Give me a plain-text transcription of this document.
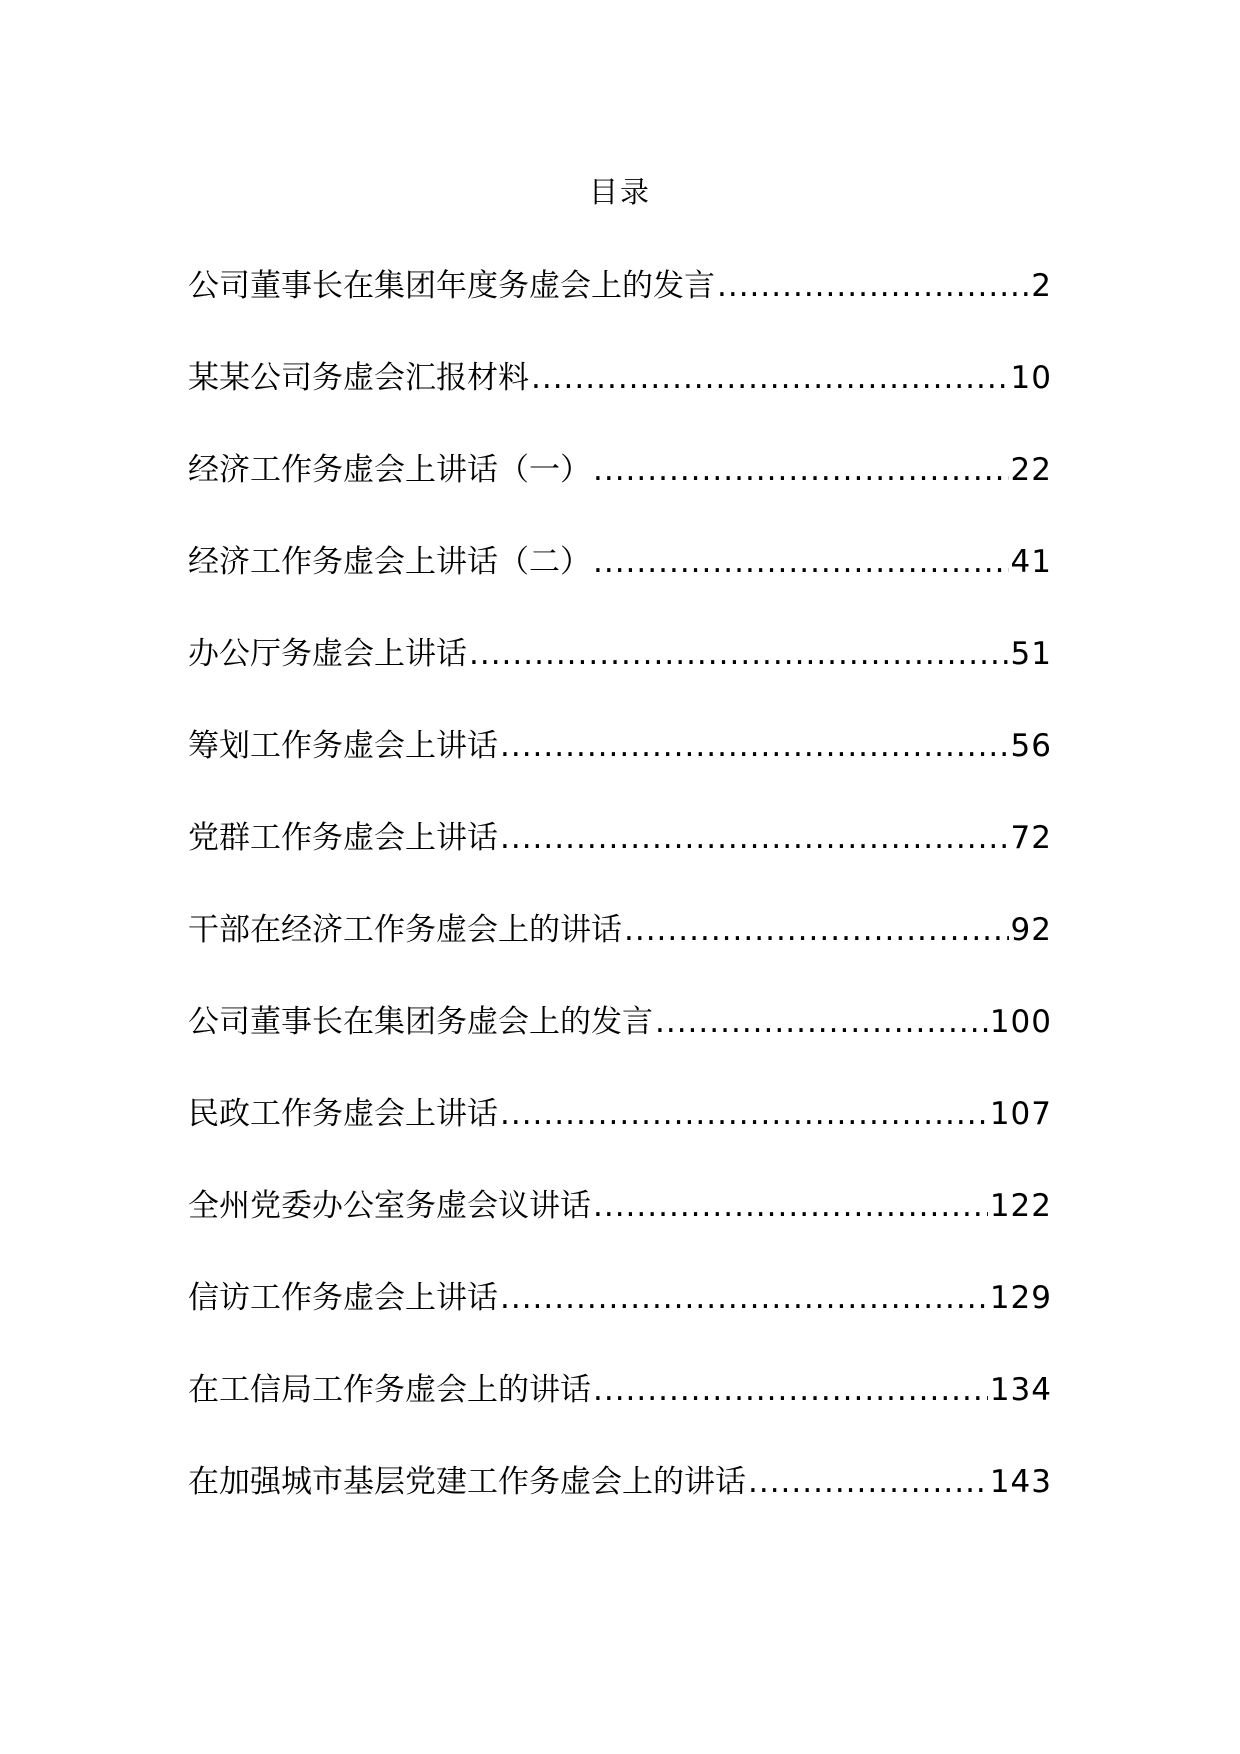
目录
公司董事长在集团年度务虚会上的发言 .....	2
某某公司务虚会汇报材料 .....	10
经济工作务虚会上讲话（一） .....	22
经济工作务虚会上讲话（二） .....	41
办公厅务虚会上讲话 .....	51
筹划工作务虚会上讲话 .....	56
党群工作务虚会上讲话 .....	72
干部在经济工作务虚会上的讲话 .....	92
公司董事长在集团务虚会上的发言 .....	100
民政工作务虚会上讲话 .....	107
全州党委办公室务虚会议讲话 .....	122
信访工作务虚会上讲话 .....	129
在工信局工作务虚会上的讲话 .....	134
在加强城市基层党建工作务虚会上的讲话 .....	143
